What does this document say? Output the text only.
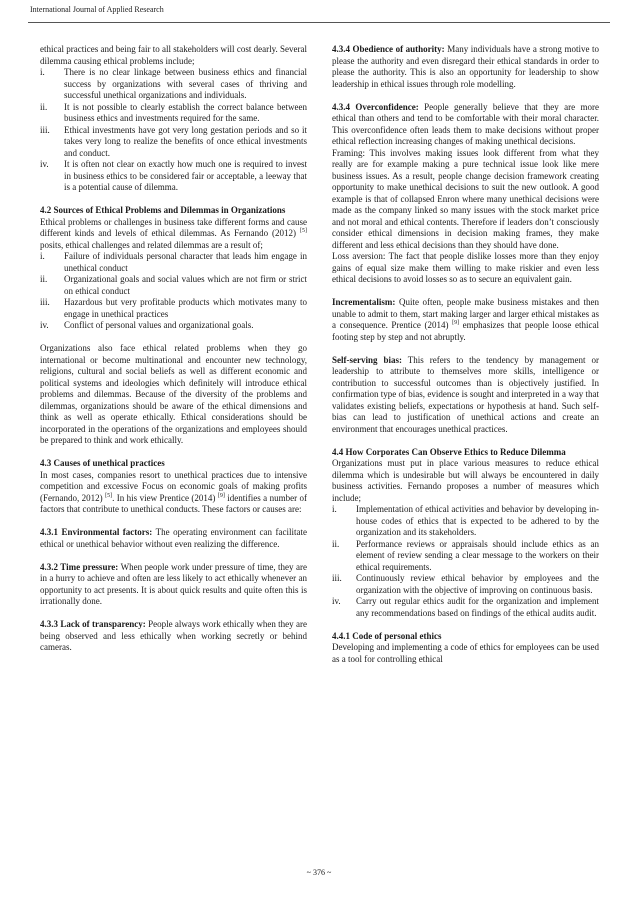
International Journal of Applied Research

ethical practices and being fair to all stakeholders will cost dearly. Several dilemma causing ethical problems include;

i. There is no clear linkage between business ethics and financial success by organizations with several cases of thriving and successful unethical organizations and individuals.
ii. It is not possible to clearly establish the correct balance between business ethics and investments required for the same.
iii. Ethical investments have got very long gestation periods and so it takes very long to realize the benefits of once ethical investments and conduct.
iv. It is often not clear on exactly how much one is required to invest in business ethics to be considered fair or acceptable, a leeway that is a potential cause of dilemma.

4.2 Sources of Ethical Problems and Dilemmas in Organizations

Ethical problems or challenges in business take different forms and cause different kinds and levels of ethical dilemmas. As Fernando (2012) [5] posits, ethical challenges and related dilemmas are a result of;

i. Failure of individuals personal character that leads him engage in unethical conduct
ii. Organizational goals and social values which are not firm or strict on ethical conduct
iii. Hazardous but very profitable products which motivates many to engage in unethical practices
iv. Conflict of personal values and organizational goals.

Organizations also face ethical related problems when they go international or become multinational and encounter new technology, religions, cultural and social beliefs as well as different economic and political systems and ideologies which definitely will introduce ethical problems and dilemmas. Because of the diversity of the problems and dilemmas, organizations should be aware of the ethical dimensions and think as well as operate ethically. Ethical considerations should be incorporated in the operations of the organizations and employees should be prepared to think and work ethically.

4.3 Causes of unethical practices

In most cases, companies resort to unethical practices due to intensive competition and excessive Focus on economic goals of making profits (Fernando, 2012) [5]. In his view Prentice (2014) [9] identifies a number of factors that contribute to unethical conducts. These factors or causes are:

4.3.1 Environmental factors: The operating environment can facilitate ethical or unethical behavior without even realizing the difference.

4.3.2 Time pressure: When people work under pressure of time, they are in a hurry to achieve and often are less likely to act ethically whenever an opportunity to act presents. It is about quick results and quite often this is irrationally done.

4.3.3 Lack of transparency: People always work ethically when they are being observed and less ethically when working secretly or behind cameras.

4.3.4 Obedience of authority: Many individuals have a strong motive to please the authority and even disregard their ethical standards in order to please the authority. This is also an opportunity for leadership to show leadership in ethical issues through role modelling.

4.3.4 Overconfidence: People generally believe that they are more ethical than others and tend to be comfortable with their moral character. This overconfidence often leads them to make decisions without proper ethical reflection increasing changes of making unethical decisions.

Framing: This involves making issues look different from what they really are for example making a pure technical issue look like mere business issues. As a result, people change decision framework creating opportunity to make unethical decisions to suit the new outlook. A good example is that of collapsed Enron where many unethical decisions were made as the company linked so many issues with the stock market price and not moral and ethical contents. Therefore if leaders don’t consciously consider ethical dimensions in decision making frames, they make different and less ethical decisions than they should have done.

Loss aversion: The fact that people dislike losses more than they enjoy gains of equal size make them willing to make riskier and even less ethical decisions to avoid losses so as to secure an equivalent gain.

Incrementalism: Quite often, people make business mistakes and then unable to admit to them, start making larger and larger ethical mistakes as a consequence. Prentice (2014) [9] emphasizes that people loose ethical footing step by step and not abruptly.

Self-serving bias: This refers to the tendency by management or leadership to attribute to themselves more skills, intelligence or contribution to successful outcomes than is objectively justified. In confirmation type of bias, evidence is sought and interpreted in a way that validates existing beliefs, expectations or hypothesis at hand. Such self-bias can lead to justification of unethical actions and create an environment that encourages unethical practices.

4.4 How Corporates Can Observe Ethics to Reduce Dilemma

Organizations must put in place various measures to reduce ethical dilemma which is undesirable but will always be encountered in daily business activities. Fernando proposes a number of measures which include;

i. Implementation of ethical activities and behavior by developing in-house codes of ethics that is expected to be adhered to by the organization and its stakeholders.
ii. Performance reviews or appraisals should include ethics as an element of review sending a clear message to the workers on their ethical requirements.
iii. Continuously review ethical behavior by employees and the organization with the objective of improving on continuous basis.
iv. Carry out regular ethics audit for the organization and implement any recommendations based on findings of the ethical audits audit.

4.4.1 Code of personal ethics

Developing and implementing a code of ethics for employees can be used as a tool for controlling ethical

~ 376 ~
